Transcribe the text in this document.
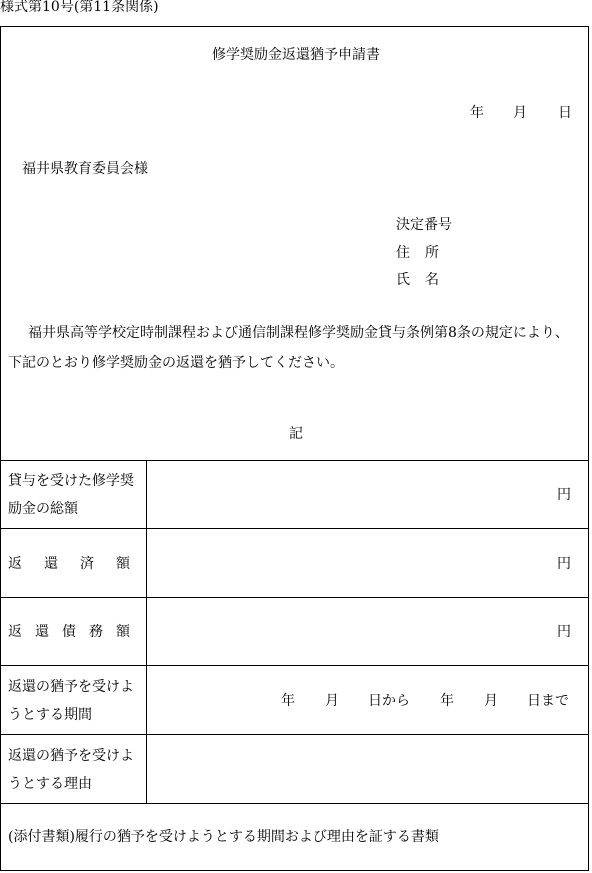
様式第10号(第11条関係)
修学奨励金返還猶予申請書
年 月 日
福井県教育委員会様
決定番号
住 所
氏 名
福井県高等学校定時制課程および通信制課程修学奨励金貸与条例第8条の規定により、
下記のとおり修学奨励金の返還を猶予してください。
記
貸与を受けた修学奨
励金の総額
円
返 還 済 額	円
返 還 債 務 額	円
返還の猶予を受けよ
うとする期間
年 月 日から 年 月 日まで
返還の猶予を受けよ
うとする理由
(添付書類)履行の猶予を受けようとする期間および理由を証する書類
